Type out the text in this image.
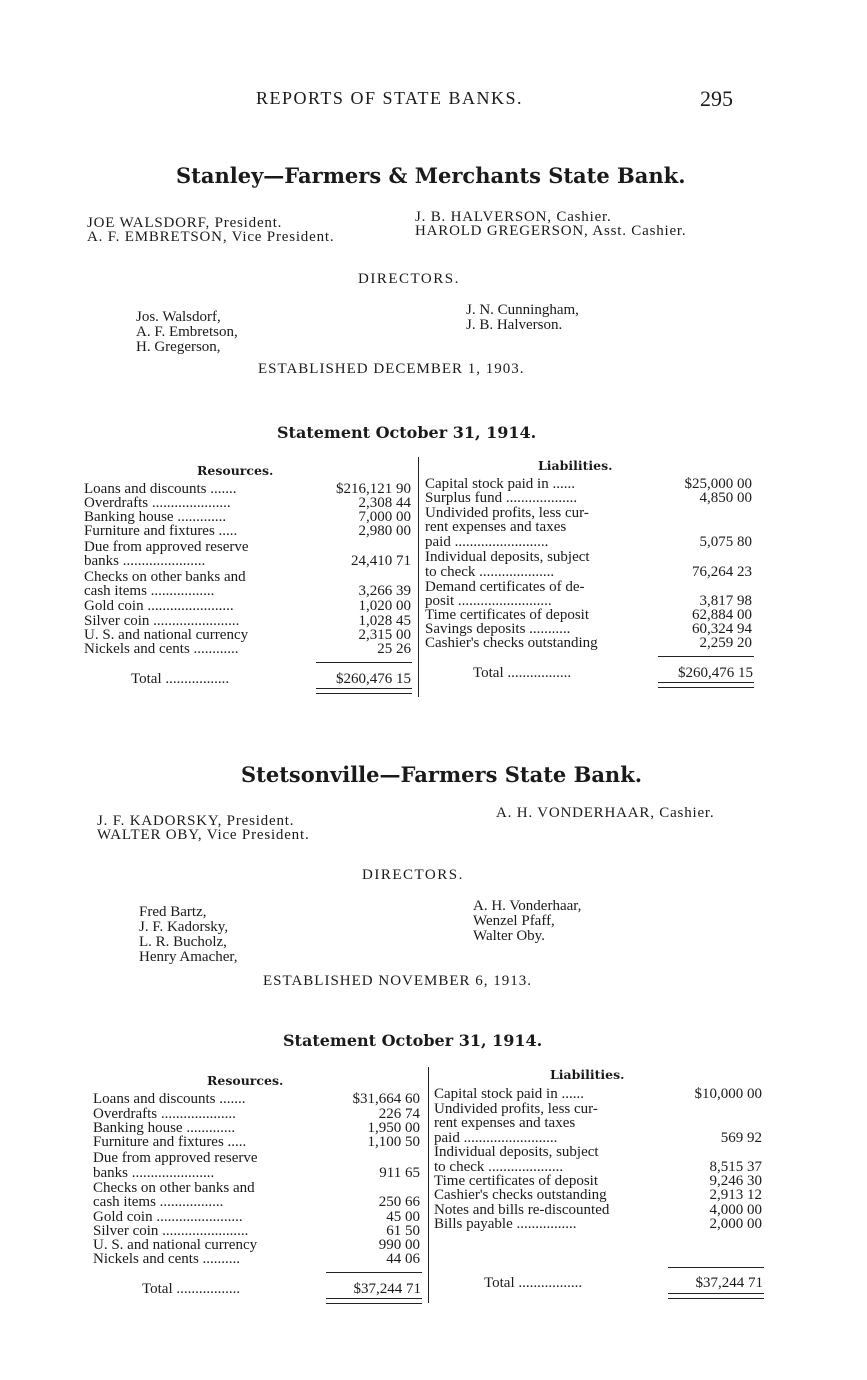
REPORTS OF STATE BANKS.	295
Stanley—Farmers & Merchants State Bank.
JOE WALSDORF, President.
A. F. EMBRETSON, Vice President.
J. B. HALVERSON, Cashier.
HAROLD GREGERSON, Asst. Cashier.
DIRECTORS.
Jos. Walsdorf,
A. F. Embretson,
H. Gregerson,
J. N. Cunningham,
J. B. Halverson.
ESTABLISHED DECEMBER 1, 1903.
Statement October 31, 1914.
Resources.	Liabilities.
Loans and discounts .......	$216,121 90
Overdrafts .....................	2,308 44
Banking house .............	7,000 00
Furniture and fixtures .....	2,980 00
Due from approved reserve
banks ......................	24,410 71
Checks on other banks and
cash items .................	3,266 39
Gold coin .......................	1,020 00
Silver coin .......................	1,028 45
U. S. and national currency	2,315 00
Nickels and cents ............	25 26
Total .................	$260,476 15
Capital stock paid in ......	$25,000 00
Surplus fund ...................	4,850 00
Undivided profits, less cur-
rent expenses and taxes
paid .........................	5,075 80
Individual deposits, subject
to check ....................	76,264 23
Demand certificates of de-
posit .........................	3,817 98
Time certificates of deposit	62,884 00
Savings deposits ...........	60,324 94
Cashier's checks outstanding	2,259 20
Total .................	$260,476 15
Stetsonville—Farmers State Bank.
J. F. KADORSKY, President.
WALTER OBY, Vice President.
A. H. VONDERHAAR, Cashier.
DIRECTORS.
Fred Bartz,
J. F. Kadorsky,
L. R. Bucholz,
Henry Amacher,
A. H. Vonderhaar,
Wenzel Pfaff,
Walter Oby.
ESTABLISHED NOVEMBER 6, 1913.
Statement October 31, 1914.
Resources.	Liabilities.
Loans and discounts .......	$31,664 60
Overdrafts ....................	226 74
Banking house .............	1,950 00
Furniture and fixtures .....	1,100 50
Due from approved reserve
banks ......................	911 65
Checks on other banks and
cash items .................	250 66
Gold coin .......................	45 00
Silver coin .......................	61 50
U. S. and national currency	990 00
Nickels and cents ..........	44 06
Total .................	$37,244 71
Capital stock paid in ......	$10,000 00
Undivided profits, less cur-
rent expenses and taxes
paid .........................	569 92
Individual deposits, subject
to check ....................	8,515 37
Time certificates of deposit	9,246 30
Cashier's checks outstanding	2,913 12
Notes and bills re-discounted	4,000 00
Bills payable ................	2,000 00
Total .................	$37,244 71
